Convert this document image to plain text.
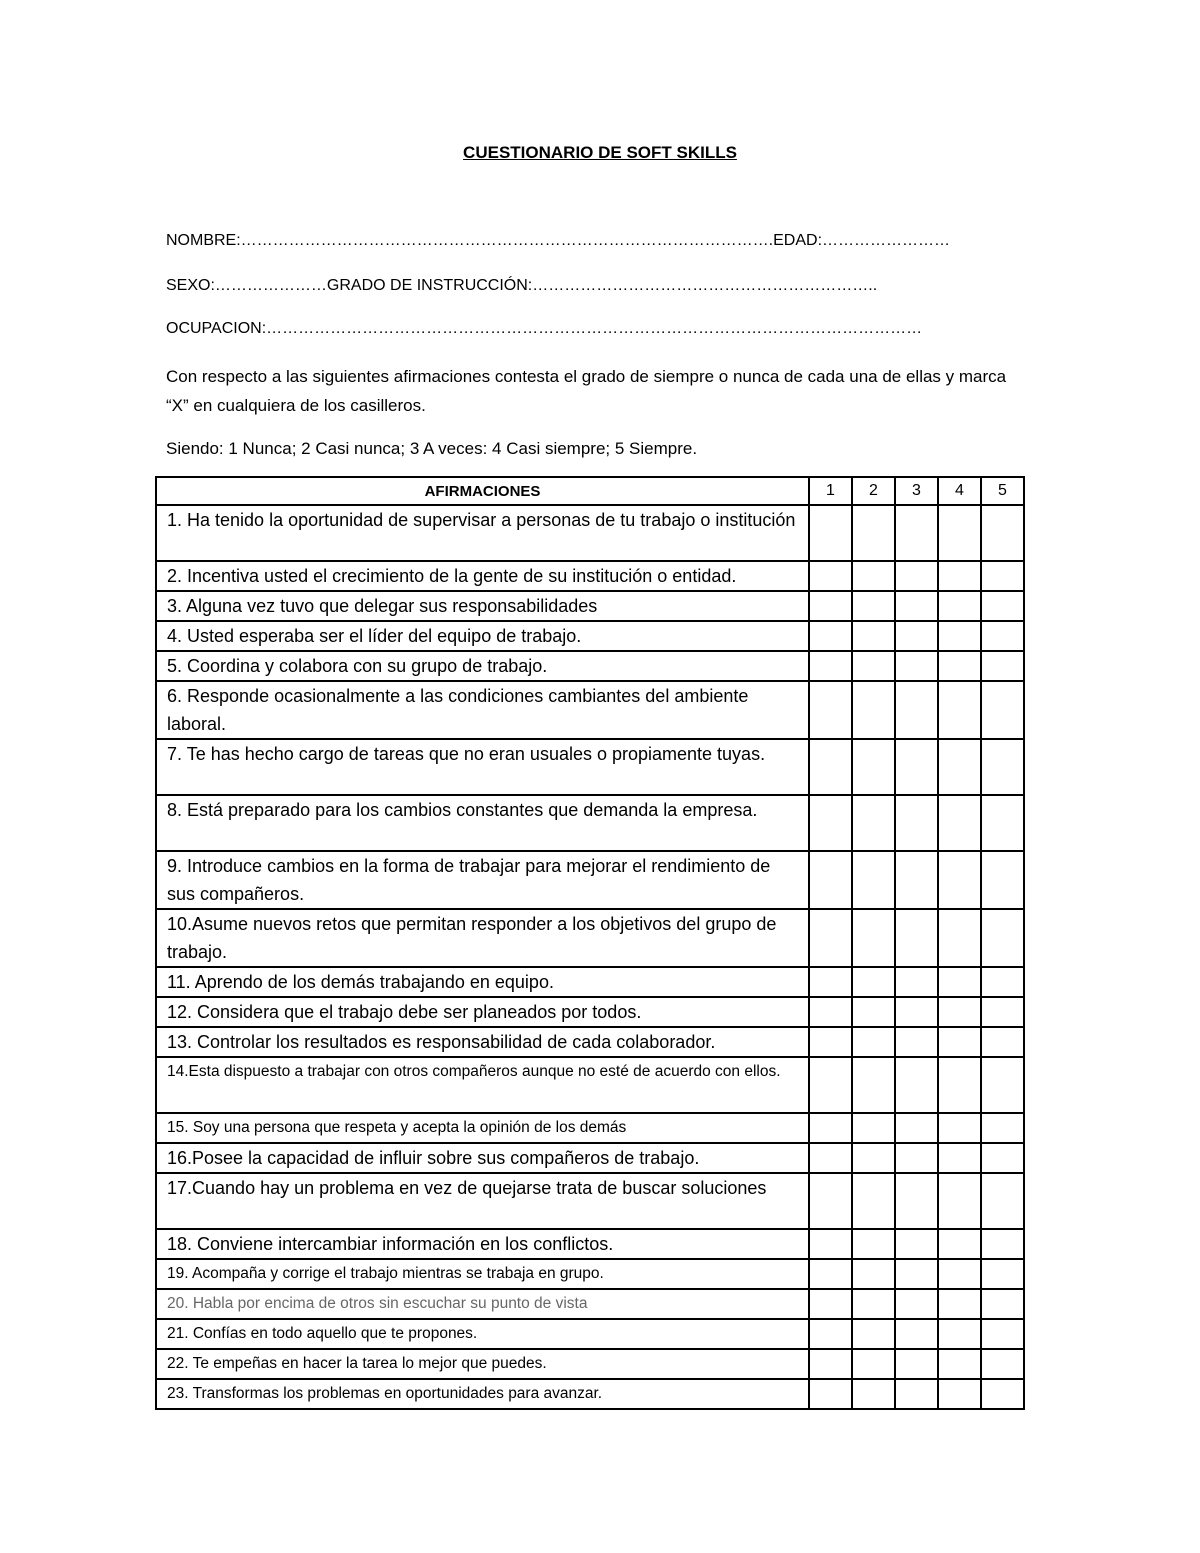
CUESTIONARIO DE SOFT SKILLS
NOMBRE:……………………………………………………………………………………….EDAD:……………………
SEXO:…………………GRADO DE INSTRUCCIÓN:………………………………………………………..
OCUPACION:……………………………………………………………………………………………………………
Con respecto a las siguientes afirmaciones contesta el grado de siempre o nunca de cada una de ellas y marca “X” en cualquiera de los casilleros.
Siendo: 1 Nunca; 2 Casi nunca; 3 A veces: 4 Casi siempre; 5 Siempre.
AFIRMACIONES	1	2	3	4	5
1. Ha tenido la oportunidad de supervisar a personas de tu trabajo o institución					
2. Incentiva usted el crecimiento de la gente de su institución o entidad.					
3. Alguna vez tuvo que delegar sus responsabilidades					
4. Usted esperaba ser el líder del equipo de trabajo.					
5. Coordina y colabora con su grupo de trabajo.					
6. Responde ocasionalmente a las condiciones cambiantes del ambiente laboral.					
7. Te has hecho cargo de tareas que no eran usuales o propiamente tuyas.					
8. Está preparado para los cambios constantes que demanda la empresa.					
9. Introduce cambios en la forma de trabajar para mejorar el rendimiento de sus compañeros.					
10.Asume nuevos retos que permitan responder a los objetivos del grupo de trabajo.					
11. Aprendo de los demás trabajando en equipo.					
12. Considera que el trabajo debe ser planeados por todos.					
13. Controlar los resultados es responsabilidad de cada colaborador.					
14.Esta dispuesto a trabajar con otros compañeros aunque no esté de acuerdo con ellos.					
15. Soy una persona que respeta y acepta la opinión de los demás					
16.Posee la capacidad de influir sobre sus compañeros de trabajo.					
17.Cuando hay un problema en vez de quejarse trata de buscar soluciones					
18. Conviene intercambiar información en los conflictos.					
19. Acompaña y corrige el trabajo mientras se trabaja en grupo.					
20. Habla por encima de otros sin escuchar su punto de vista					
21. Confías en todo aquello que te propones.					
22. Te empeñas en hacer la tarea lo mejor que puedes.					
23. Transformas los problemas en oportunidades para avanzar.					
